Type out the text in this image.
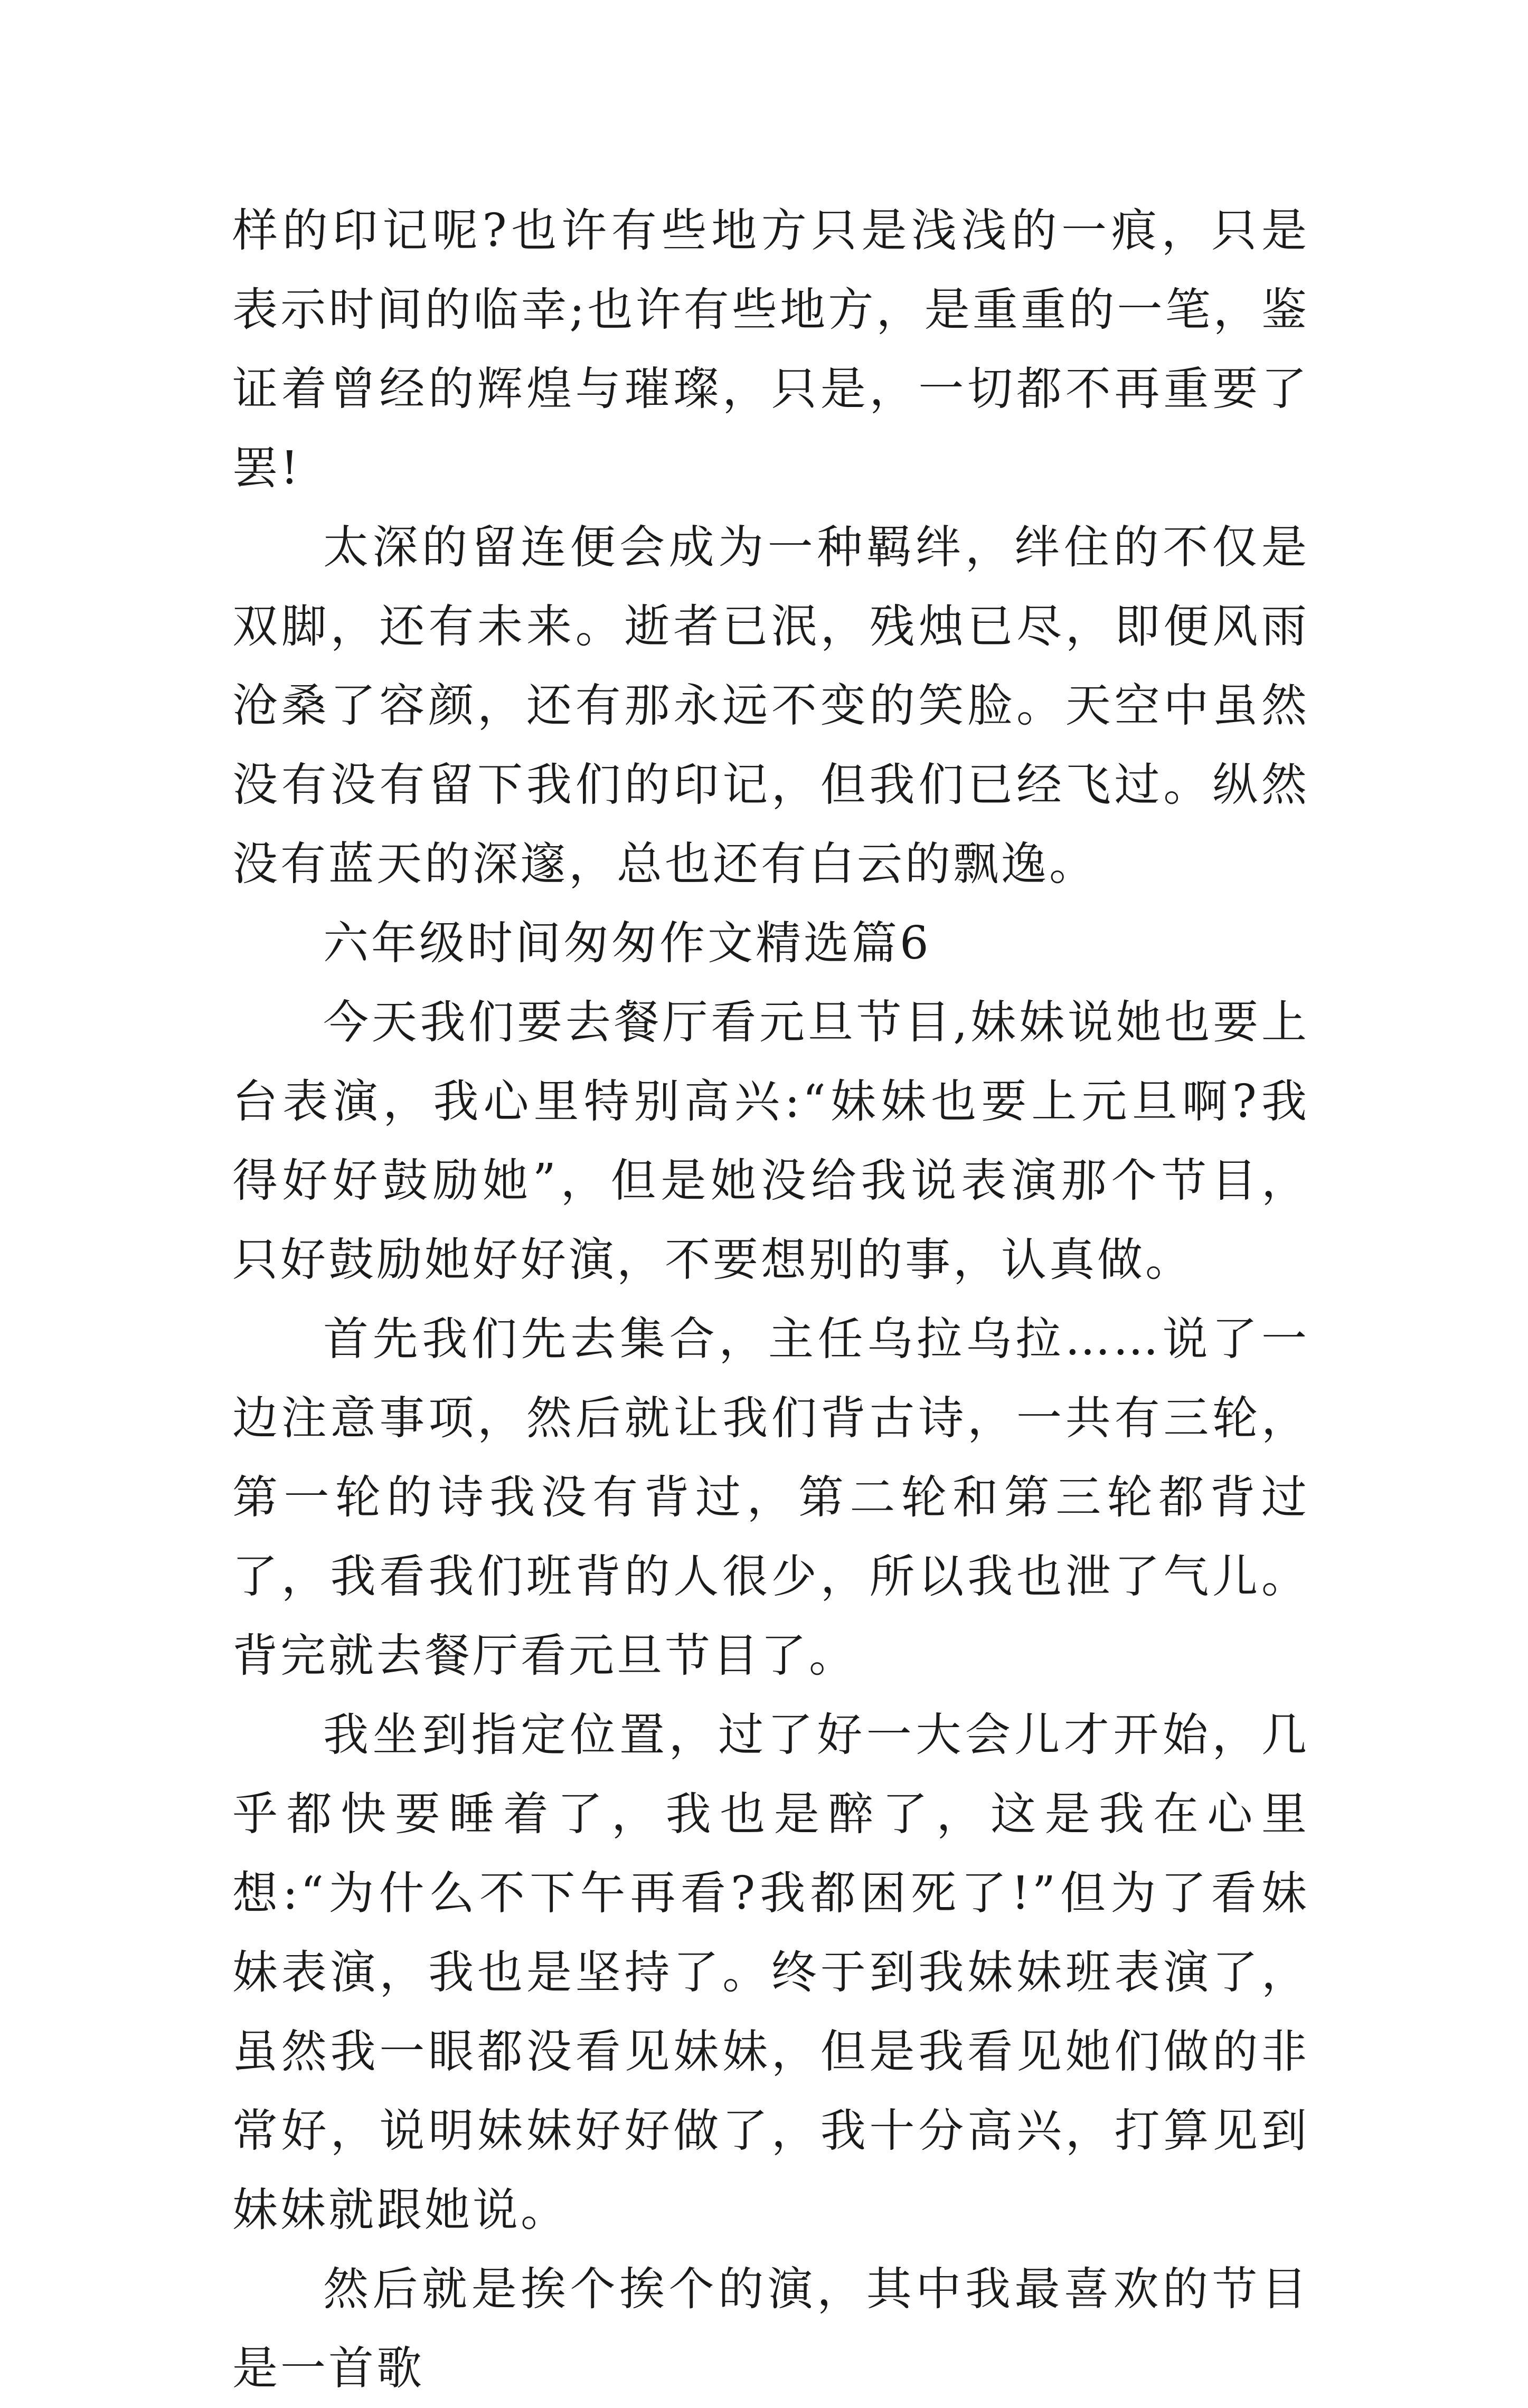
样的印记呢?也许有些地方只是浅浅的一痕，只是表示时间的临幸;也许有些地方，是重重的一笔，鉴证着曾经的辉煌与璀璨，只是，一切都不再重要了罢!

太深的留连便会成为一种羁绊，绊住的不仅是双脚，还有未来。逝者已泯，残烛已尽，即便风雨沧桑了容颜，还有那永远不变的笑脸。天空中虽然没有没有留下我们的印记，但我们已经飞过。纵然没有蓝天的深邃，总也还有白云的飘逸。

六年级时间匆匆作文精选篇6

今天我们要去餐厅看元旦节目,妹妹说她也要上台表演，我心里特别高兴:“妹妹也要上元旦啊?我得好好鼓励她”，但是她没给我说表演那个节目，只好鼓励她好好演，不要想别的事，认真做。

首先我们先去集合，主任乌拉乌拉……说了一边注意事项，然后就让我们背古诗，一共有三轮，第一轮的诗我没有背过，第二轮和第三轮都背过了，我看我们班背的人很少，所以我也泄了气儿。背完就去餐厅看元旦节目了。

我坐到指定位置，过了好一大会儿才开始，几乎都快要睡着了，我也是醉了，这是我在心里想:“为什么不下午再看?我都困死了!”但为了看妹妹表演，我也是坚持了。终于到我妹妹班表演了，虽然我一眼都没看见妹妹，但是我看见她们做的非常好，说明妹妹好好做了，我十分高兴，打算见到妹妹就跟她说。

然后就是挨个挨个的演，其中我最喜欢的节目是一首歌
